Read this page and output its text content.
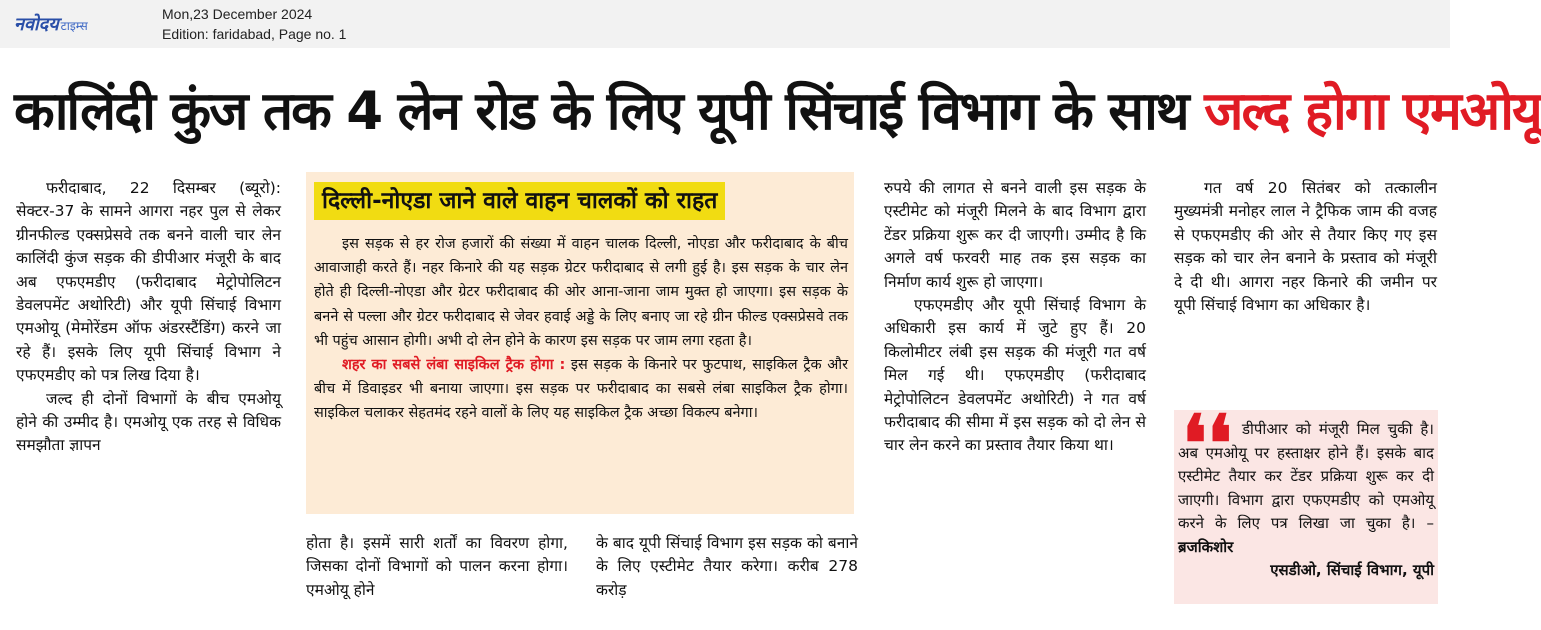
नवोदय टाइम्स
Mon,23 December 2024
Edition: faridabad, Page no. 1
कालिंदी कुंज तक 4 लेन रोड के लिए यूपी सिंचाई विभाग के साथ जल्द होगा एमओयू

फरीदाबाद, 22 दिसम्बर (ब्यूरो): सेक्टर-37 के सामने आगरा नहर पुल से लेकर ग्रीनफील्ड एक्सप्रेसवे तक बनने वाली चार लेन कालिंदी कुंज सड़क की डीपीआर मंजूरी के बाद अब एफएमडीए (फरीदाबाद मेट्रोपोलिटन डेवलपमेंट अथोरिटी) और यूपी सिंचाई विभाग एमओयू (मेमोरेंडम ऑफ अंडरस्टैंडिंग) करने जा रहे हैं। इसके लिए यूपी सिंचाई विभाग ने एफएमडीए को पत्र लिख दिया है।

जल्द ही दोनों विभागों के बीच एमओयू होने की उम्मीद है। एमओयू एक तरह से विधिक समझौता ज्ञापन

दिल्ली-नोएडा जाने वाले वाहन चालकों को राहत

इस सड़क से हर रोज हजारों की संख्या में वाहन चालक दिल्ली, नोएडा और फरीदाबाद के बीच आवाजाही करते हैं। नहर किनारे की यह सड़क ग्रेटर फरीदाबाद से लगी हुई है। इस सड़क के चार लेन होते ही दिल्ली-नोएडा और ग्रेटर फरीदाबाद की ओर आना-जाना जाम मुक्त हो जाएगा। इस सड़क के बनने से पल्ला और ग्रेटर फरीदाबाद से जेवर हवाई अड्डे के लिए बनाए जा रहे ग्रीन फील्ड एक्सप्रेसवे तक भी पहुंच आसान होगी। अभी दो लेन होने के कारण इस सड़क पर जाम लगा रहता है।

शहर का सबसे लंबा साइकिल ट्रैक होगा : इस सड़क के किनारे पर फुटपाथ, साइकिल ट्रैक और बीच में डिवाइडर भी बनाया जाएगा। इस सड़क पर फरीदाबाद का सबसे लंबा साइकिल ट्रैक होगा। साइकिल चलाकर सेहतमंद रहने वालों के लिए यह साइकिल ट्रैक अच्छा विकल्प बनेगा।

होता है। इसमें सारी शर्तों का विवरण होगा, जिसका दोनों विभागों को पालन करना होगा। एमओयू होने

के बाद यूपी सिंचाई विभाग इस सड़क को बनाने के लिए एस्टीमेट तैयार करेगा। करीब 278 करोड़

रुपये की लागत से बनने वाली इस सड़क के एस्टीमेट को मंजूरी मिलने के बाद विभाग द्वारा टेंडर प्रक्रिया शुरू कर दी जाएगी। उम्मीद है कि अगले वर्ष फरवरी माह तक इस सड़क का निर्माण कार्य शुरू हो जाएगा।

एफएमडीए और यूपी सिंचाई विभाग के अधिकारी इस कार्य में जुटे हुए हैं। 20 किलोमीटर लंबी इस सड़क की मंजूरी गत वर्ष मिल गई थी। एफएमडीए (फरीदाबाद मेट्रोपोलिटन डेवलपमेंट अथोरिटी) ने गत वर्ष फरीदाबाद की सीमा में इस सड़क को दो लेन से चार लेन करने का प्रस्ताव तैयार किया था।

गत वर्ष 20 सितंबर को तत्कालीन मुख्यमंत्री मनोहर लाल ने ट्रैफिक जाम की वजह से एफएमडीए की ओर से तैयार किए गए इस सड़क को चार लेन बनाने के प्रस्ताव को मंजूरी दे दी थी। आगरा नहर किनारे की जमीन पर यूपी सिंचाई विभाग का अधिकार है।

❛❛ डीपीआर को मंजूरी मिल चुकी है। अब एमओयू पर हस्ताक्षर होने हैं। इसके बाद एस्टीमेट तैयार कर टेंडर प्रक्रिया शुरू कर दी जाएगी। विभाग द्वारा एफएमडीए को एमओयू करने के लिए पत्र लिखा जा चुका है। – ब्रजकिशोर
एसडीओ, सिंचाई विभाग, यूपी
